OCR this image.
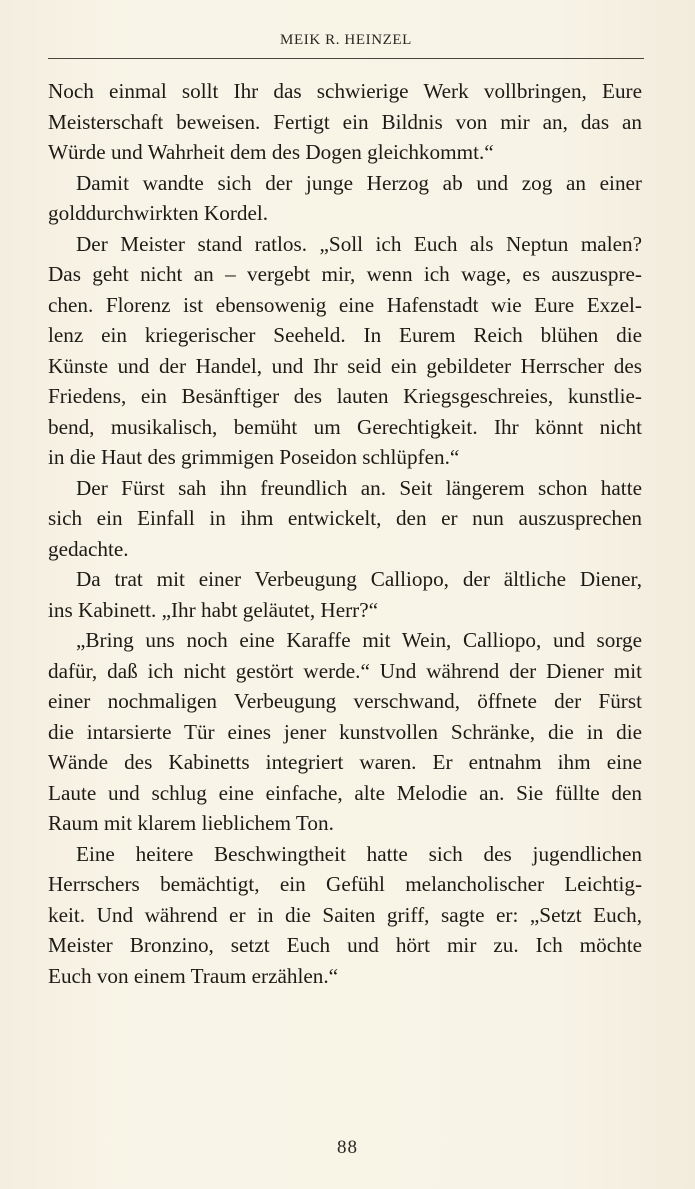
MEIK R. HEINZEL

Noch einmal sollt Ihr das schwierige Werk vollbringen, Eure
Meisterschaft beweisen. Fertigt ein Bildnis von mir an, das an
Würde und Wahrheit dem des Dogen gleichkommt.“

Damit wandte sich der junge Herzog ab und zog an einer
golddurchwirkten Kordel.

Der Meister stand ratlos. „Soll ich Euch als Neptun malen?
Das geht nicht an – vergebt mir, wenn ich wage, es auszuspre-
chen. Florenz ist ebensowenig eine Hafenstadt wie Eure Exzel-
lenz ein kriegerischer Seeheld. In Eurem Reich blühen die
Künste und der Handel, und Ihr seid ein gebildeter Herrscher des
Friedens, ein Besänftiger des lauten Kriegsgeschreies, kunstlie-
bend, musikalisch, bemüht um Gerechtigkeit. Ihr könnt nicht
in die Haut des grimmigen Poseidon schlüpfen.“

Der Fürst sah ihn freundlich an. Seit längerem schon hatte
sich ein Einfall in ihm entwickelt, den er nun auszusprechen
gedachte.

Da trat mit einer Verbeugung Calliopo, der ältliche Diener,
ins Kabinett. „Ihr habt geläutet, Herr?“

„Bring uns noch eine Karaffe mit Wein, Calliopo, und sorge
dafür, daß ich nicht gestört werde.“ Und während der Diener mit
einer nochmaligen Verbeugung verschwand, öffnete der Fürst
die intarsierte Tür eines jener kunstvollen Schränke, die in die
Wände des Kabinetts integriert waren. Er entnahm ihm eine
Laute und schlug eine einfache, alte Melodie an. Sie füllte den
Raum mit klarem lieblichem Ton.

Eine heitere Beschwingtheit hatte sich des jugendlichen
Herrschers bemächtigt, ein Gefühl melancholischer Leichtig-
keit. Und während er in die Saiten griff, sagte er: „Setzt Euch,
Meister Bronzino, setzt Euch und hört mir zu. Ich möchte
Euch von einem Traum erzählen.“

88
